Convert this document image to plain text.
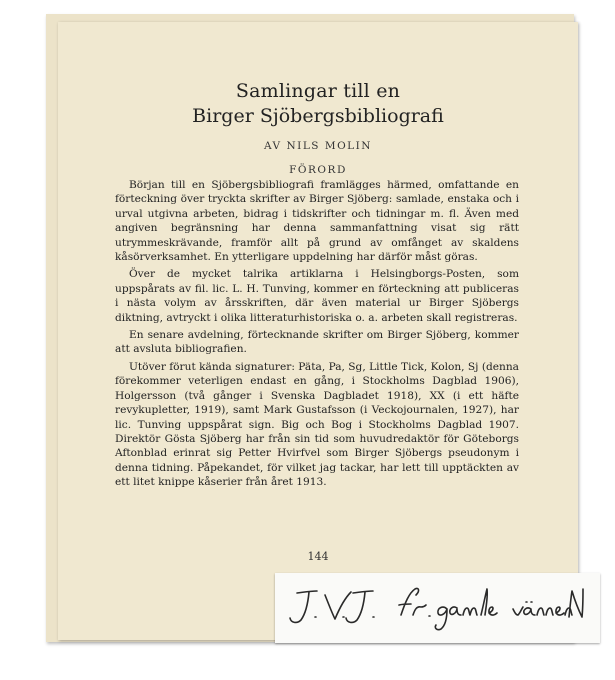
Samlingar till en
Birger Sjöbergsbibliografi
AV NILS MOLIN
FÖRORD

Början till en Sjöbergsbibliografi framlägges härmed, omfattande en förteckning över tryckta skrifter av Birger Sjöberg: samlade, enstaka och i urval utgivna arbeten, bidrag i tidskrifter och tidningar m. fl. Även med angiven begränsning har denna sammanfattning visat sig rätt utrymmeskrävande, framför allt på grund av omfånget av skaldens kåsörverksamhet. En ytterligare uppdelning har därför måst göras.

Över de mycket talrika artiklarna i Helsingborgs-Posten, som uppspårats av fil. lic. L. H. Tunving, kommer en förteckning att publiceras i nästa volym av årsskriften, där även material ur Birger Sjöbergs diktning, avtryckt i olika litteraturhistoriska o. a. arbeten skall registreras.

En senare avdelning, förtecknande skrifter om Birger Sjöberg, kommer att avsluta bibliografien.

Utöver förut kända signaturer: Päta, Pa, Sg, Little Tick, Kolon, Sj (denna förekommer veterligen endast en gång, i Stockholms Dagblad 1906), Holgersson (två gånger i Svenska Dagbladet 1918), XX (i ett häfte revykupletter, 1919), samt Mark Gustafsson (i Veckojournalen, 1927), har lic. Tunving uppspårat sign. Big och Bog i Stockholms Dagblad 1907. Direktör Gösta Sjöberg har från sin tid som huvudredaktör för Göteborgs Aftonblad erinrat sig Petter Hvirfvel som Birger Sjöbergs pseudonym i denna tidning. Påpekandet, för vilket jag tackar, har lett till upptäckten av ett litet knippe kåserier från året 1913.

144
